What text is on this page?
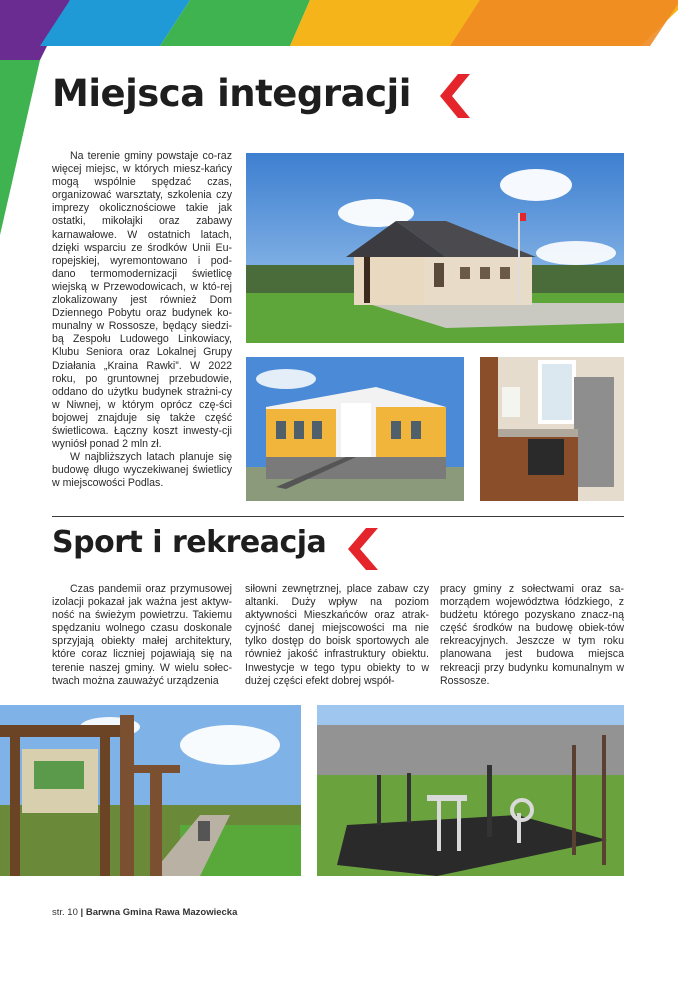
Miejsca integracji

Na terenie gminy powstaje co-raz więcej miejsc, w których miesz-kańcy mogą wspólnie spędzać czas, organizować warsztaty, szkolenia czy imprezy okolicznościowe takie jak ostatki, mikołajki oraz zabawy karnawałowe. W ostatnich latach, dzięki wsparciu ze środków Unii Eu-ropejskiej, wyremontowano i pod-dano termomodernizacji świetlicę wiejską w Przewodowicach, w któ-rej zlokalizowany jest również Dom Dziennego Pobytu oraz budynek ko-munalny w Rossosze, będący siedzi-bą Zespołu Ludowego Linkowiacy, Klubu Seniora oraz Lokalnej Grupy Działania „Kraina Rawki”. W 2022 roku, po gruntownej przebudowie, oddano do użytku budynek strażni-cy w Niwnej, w którym oprócz czę-ści bojowej znajduje się także część świetlicowa. Łączny koszt inwesty-cji wyniósł ponad 2 mln zł.

W najbliższych latach planuje się budowę długo wyczekiwanej świetlicy w miejscowości Podlas.

Sport i rekreacja

Czas pandemii oraz przymusowej izolacji pokazał jak ważna jest aktyw-ność na świeżym powietrzu. Takiemu spędzaniu wolnego czasu doskonale sprzyjają obiekty małej architektury, które coraz liczniej pojawiają się na terenie naszej gminy. W wielu sołec-twach można zauważyć urządzenia

siłowni zewnętrznej, place zabaw czy altanki. Duży wpływ na poziom aktywności Mieszkańców oraz atrak-cyjność danej miejscowości ma nie tylko dostęp do boisk sportowych ale również jakość infrastruktury obiektu. Inwestycje w tego typu obiekty to w dużej części efekt dobrej współ-

pracy gminy z sołectwami oraz sa-morządem województwa łódzkiego, z budżetu którego pozyskano znacz-ną część środków na budowę obiek-tów rekreacyjnych. Jeszcze w tym roku planowana jest budowa miejsca rekreacji przy budynku komunalnym w Rossosze.

str. 10 | Barwna Gmina Rawa Mazowiecka
